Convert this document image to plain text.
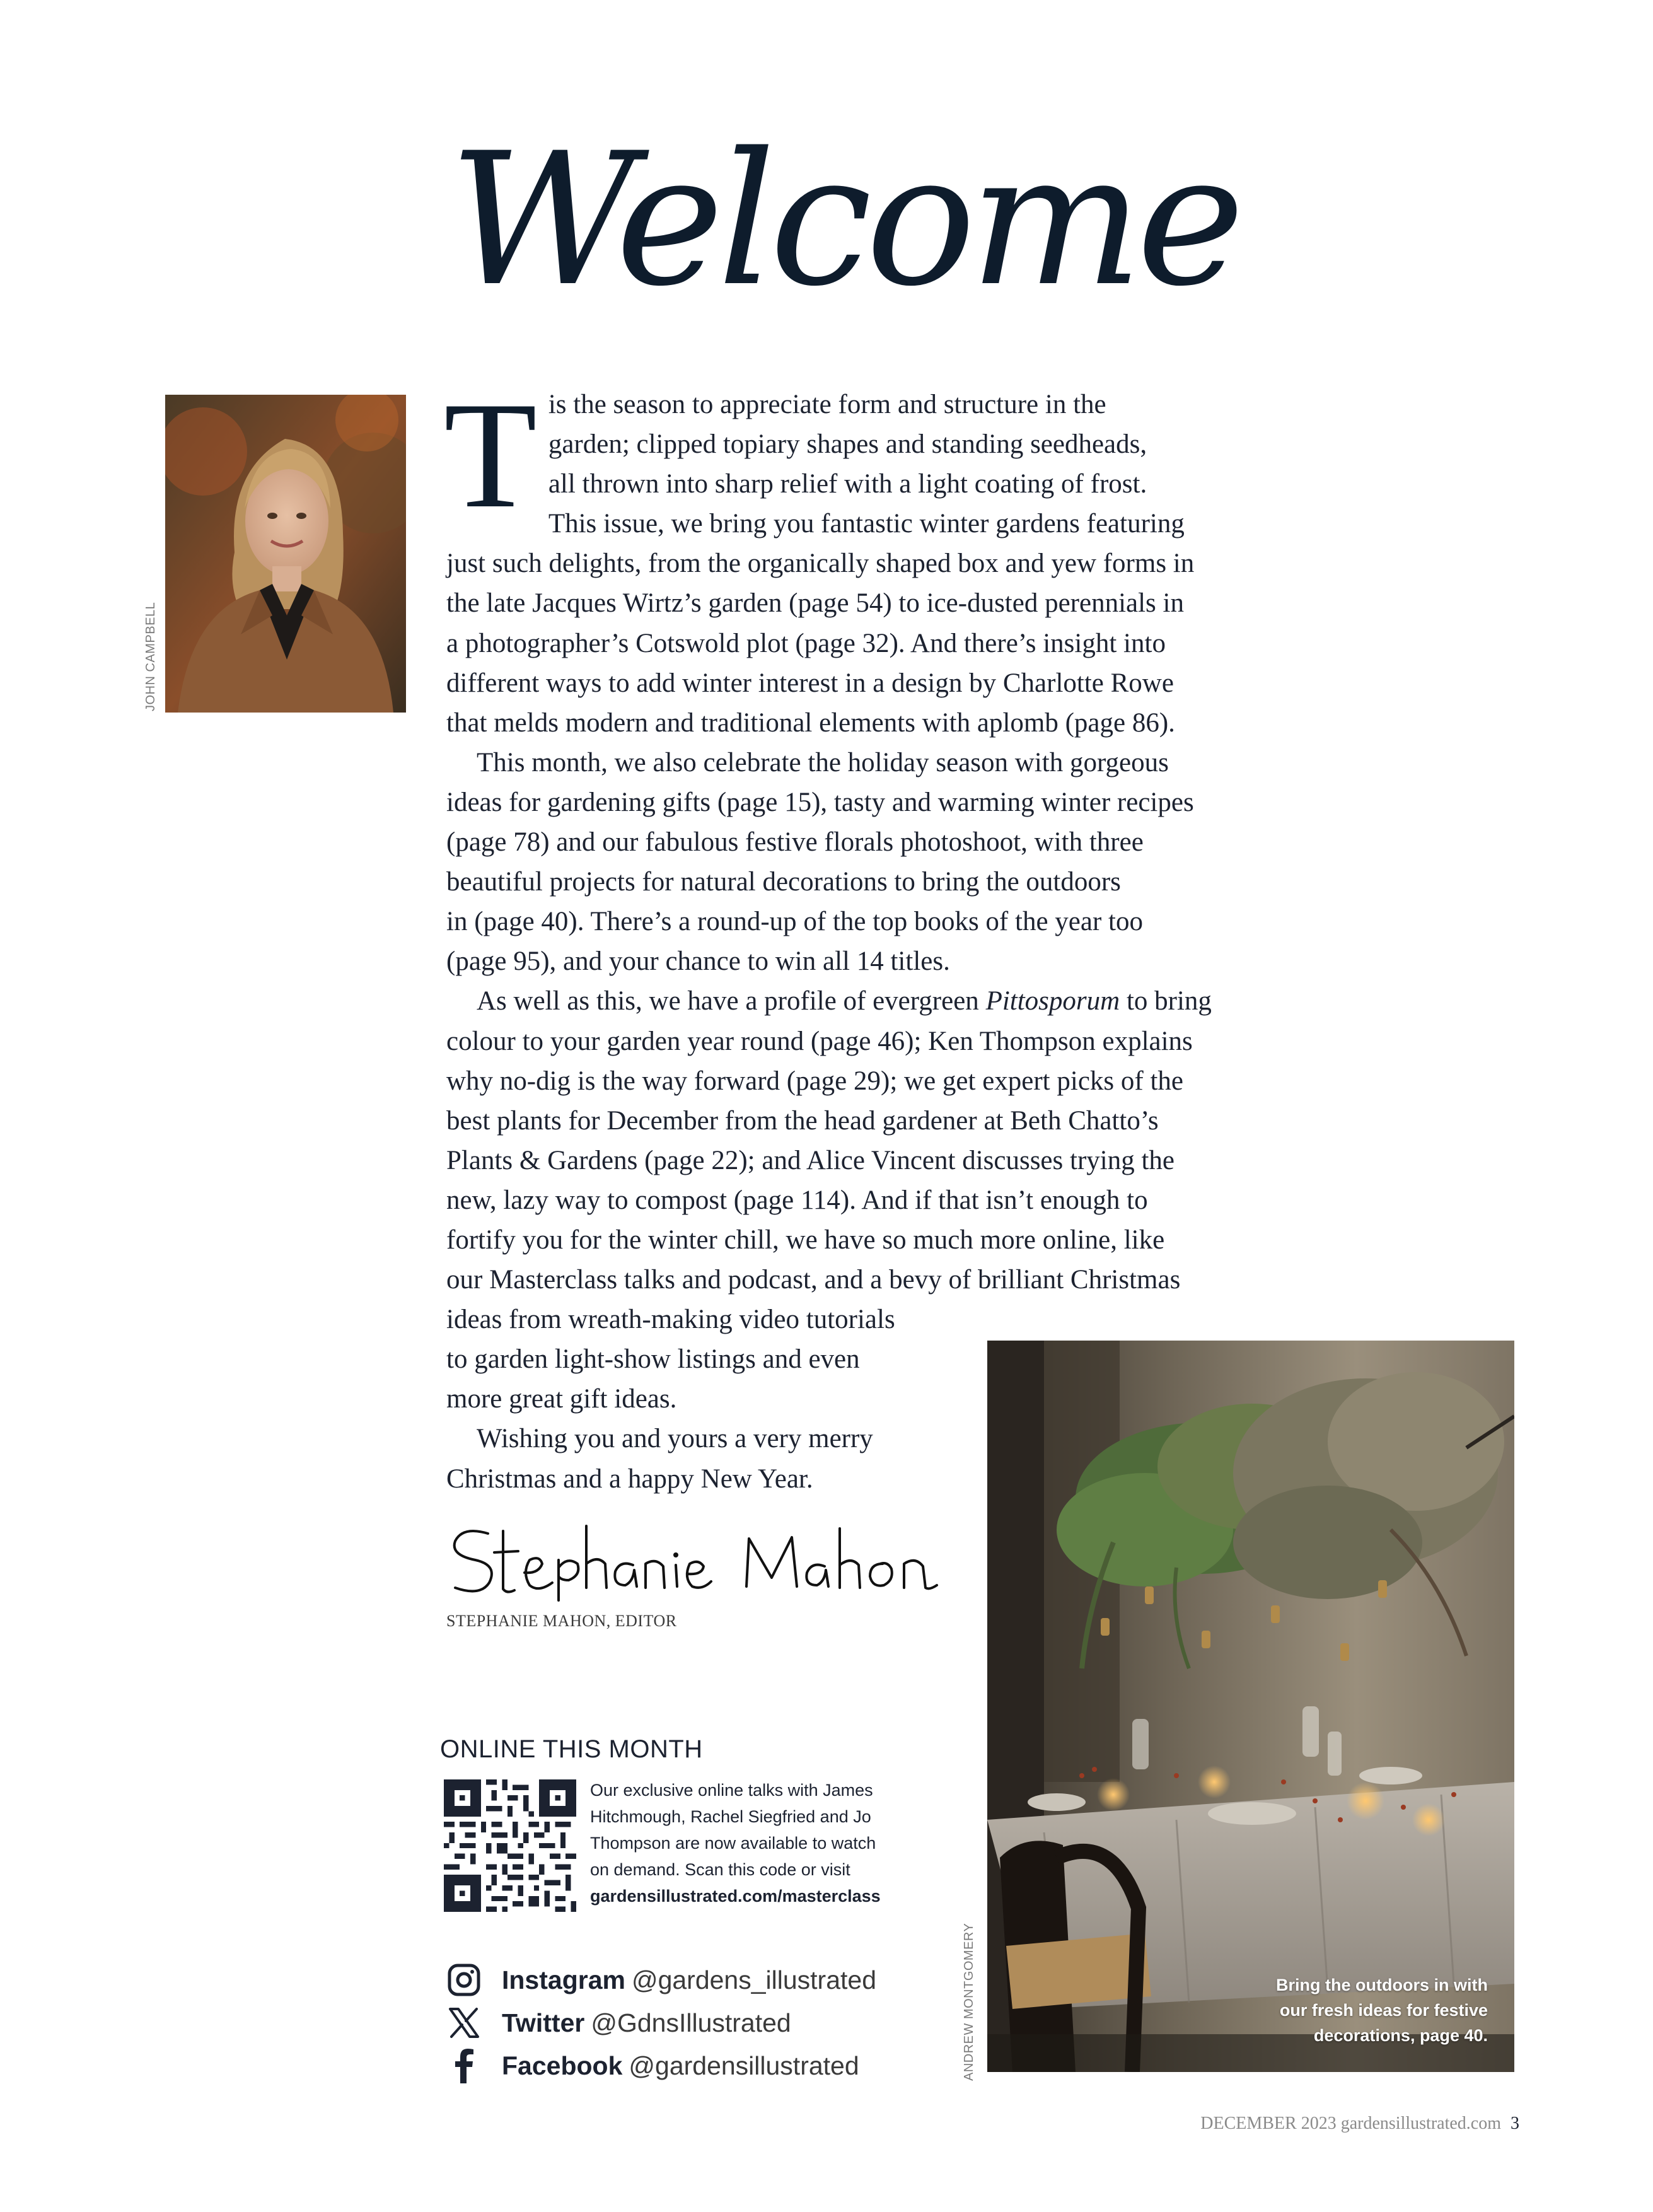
Welcome
JOHN CAMPBELL

T is the season to appreciate form and structure in the
garden; clipped topiary shapes and standing seedheads,
all thrown into sharp relief with a light coating of frost.
This issue, we bring you fantastic winter gardens featuring
just such delights, from the organically shaped box and yew forms in
the late Jacques Wirtz’s garden (page 54) to ice-dusted perennials in
a photographer’s Cotswold plot (page 32). And there’s insight into
different ways to add winter interest in a design by Charlotte Rowe
that melds modern and traditional elements with aplomb (page 86).

This month, we also celebrate the holiday season with gorgeous
ideas for gardening gifts (page 15), tasty and warming winter recipes
(page 78) and our fabulous festive florals photoshoot, with three
beautiful projects for natural decorations to bring the outdoors
in (page 40). There’s a round-up of the top books of the year too
(page 95), and your chance to win all 14 titles.

As well as this, we have a profile of evergreen Pittosporum to bring
colour to your garden year round (page 46); Ken Thompson explains
why no-dig is the way forward (page 29); we get expert picks of the
best plants for December from the head gardener at Beth Chatto’s
Plants & Gardens (page 22); and Alice Vincent discusses trying the
new, lazy way to compost (page 114). And if that isn’t enough to
fortify you for the winter chill, we have so much more online, like
our Masterclass talks and podcast, and a bevy of brilliant Christmas
ideas from wreath-making video tutorials
to garden light-show listings and even
more great gift ideas.

Wishing you and yours a very merry
Christmas and a happy New Year.

STEPHANIE MAHON, EDITOR

ONLINE THIS MONTH

Our exclusive online talks with James
Hitchmough, Rachel Siegfried and Jo
Thompson are now available to watch
on demand. Scan this code or visit
gardensillustrated.com/masterclass

Instagram @gardens_illustrated
Twitter @GdnsIllustrated
Facebook @gardensillustrated	ANDREW MONTGOMERY	Bring the outdoors in with
our fresh ideas for festive
decorations, page 40.

DECEMBER 2023 gardensillustrated.com 3
